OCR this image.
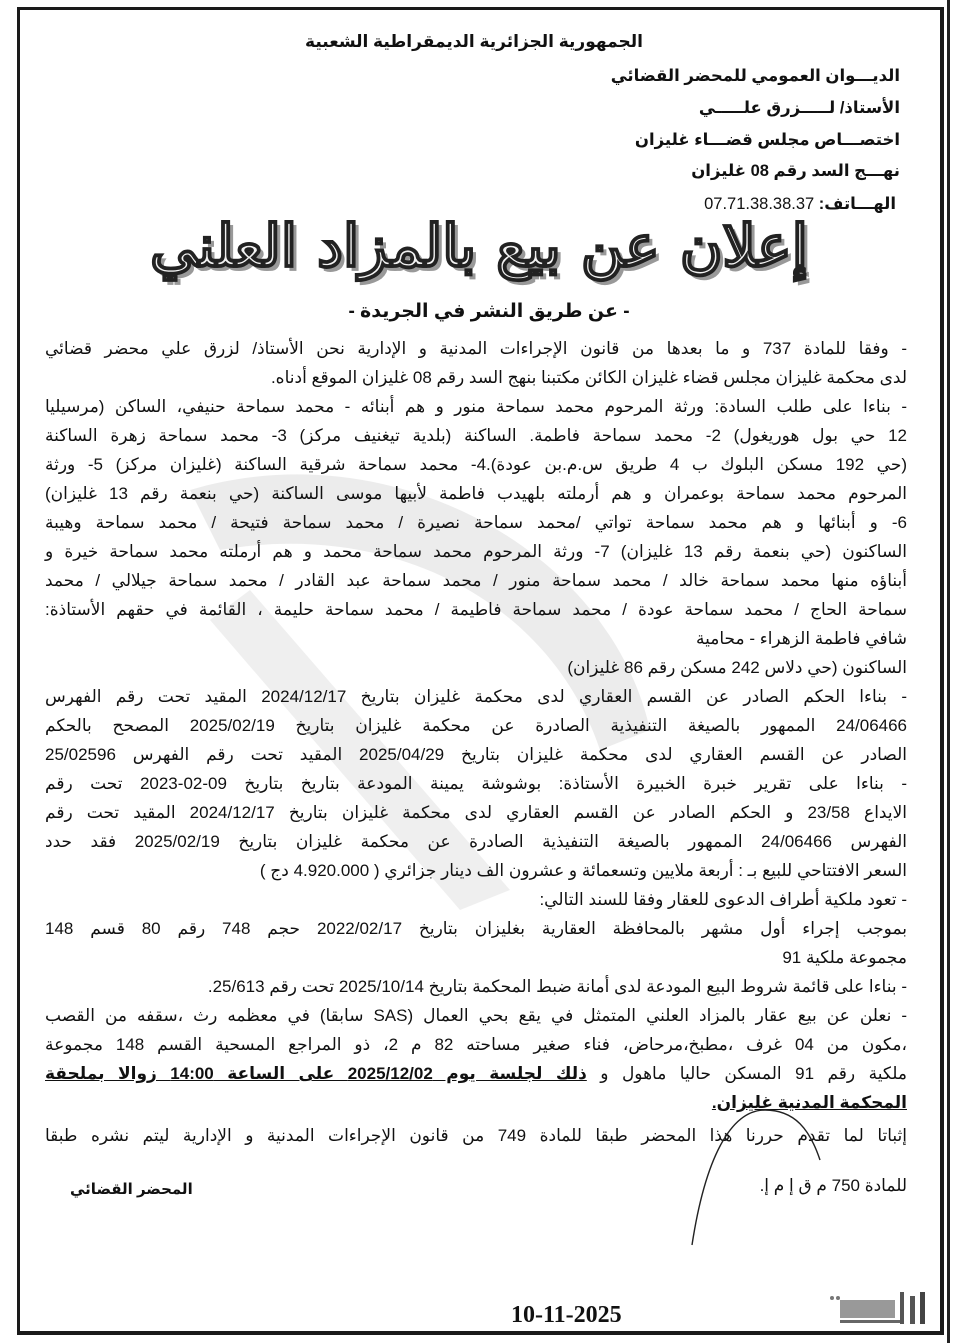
الجمهورية الجزائرية الديمقراطية الشعبية
الديـــوان العمومي للمحضر القضائي
الأستاذ/ لـــــزرق علـــــي
اختصـــاص مجلس قضـــاء غليزان
نهـــج السد رقم 08 غليزان
الهـــاتف: 07.71.38.38.37
إعلان عن بيع بالمزاد العلني
- عن طريق النشر في الجريدة -
- وفقا للمادة 737 و ما بعدها من قانون الإجراءات المدنية و الإدارية نحن الأستاذ/ لزرق علي محضر قضائي
لدى محكمة غليزان مجلس قضاء غليزان الكائن مكتبنا بنهج السد رقم 08 غليزان الموقع أدناه.
- بناءا على طلب السادة: ورثة المرحوم محمد سماحة منور و هم أبنائه - محمد سماحة حنيفي، الساكن (مرسيليا
12 حي بول هوريغول) 2- محمد سماحة فاطمة. الساكنة (بلدية تيغنيف مركز) 3- محمد سماحة زهرة الساكنة
(حي 192 مسكن البلوك ب 4 طريق س.م.بن عودة).4- محمد سماحة شرقية الساكنة (غليزان مركز) 5- ورثة
المرحوم محمد سماحة بوعمران و هم أرملته بلهيدب فاطمة لأبيها موسى الساكنة (حي بنعمة رقم 13 غليزان)
6- و أبنائها و هم محمد سماحة تواتي /محمد سماحة نصيرة / محمد سماحة فتيحة / محمد سماحة وهيبة
الساكنون (حي بنعمة رقم 13 غليزان) 7- ورثة المرحوم محمد سماحة محمد و هم أرملته محمد سماحة خيرة و
أبناؤه منها محمد سماحة خالد / محمد سماحة منور / محمد سماحة عبد القادر / محمد سماحة جيلالي / محمد
سماحة الحاج / محمد سماحة عودة / محمد سماحة فاطيمة / محمد سماحة حليمة ، القائمة في حقهم الأستاذة:
شافي فاطمة الزهراء - محامية
الساكنون (حي دلاس 242 مسكن رقم 86 غليزان)
- بناءا الحكم الصادر عن القسم العقاري لدى محكمة غليزان بتاريخ 2024/12/17 المقيد تحت رقم الفهرس
24/06466 الممهور بالصيغة التنفيذية الصادرة عن محكمة غليزان بتاريخ 2025/02/19 المصحح بالحكم
الصادر عن القسم العقاري لدى محكمة غليزان بتاريخ 2025/04/29 المقيد تحت رقم الفهرس 25/02596
- بناءا على تقرير خبرة الخبيرة الأستاذة: بوشوشة يمينة المودعة بتاريخ بتاريخ 09-02-2023 تحت رقم
الايداع 23/58 و الحكم الصادر عن القسم العقاري لدى محكمة غليزان بتاريخ 2024/12/17 المقيد تحت رقم
الفهرس 24/06466 الممهور بالصيغة التنفيذية الصادرة عن محكمة غليزان بتاريخ 2025/02/19 فقد حدد
السعر الافتتاحي للبيع بـ : أربعة ملايين وتسعمائة و عشرون الف دينار جزائري ( 4.920.000 دج )
- تعود ملكية أطراف الدعوى للعقار وفقا للسند التالي:
بموجب إجراء أول مشهر بالمحافظة العقارية بغليزان بتاريخ 2022/02/17 حجم 748 رقم 80 قسم 148
مجموعة ملكية 91
- بناءا على قائمة شروط البيع المودعة لدى أمانة ضبط المحكمة بتاريخ 2025/10/14 تحت رقم 25/613.
- نعلن عن بيع عقار بالمزاد العلني المتمثل في يقع بحي العمال (SAS سابقا) في معظمه رث ،سقفه من القصب
،مكون من 04 غرف ،مطبخ،مرحاض، فناء صغير مساحته 82 م 2، ذو المراجع المسحية القسم 148 مجموعة
ملكية رقم 91 المسكن حاليا ماهول و ذلك لجلسة يوم 2025/12/02 على الساعة 14:00 زوالا بملحقة
المحكمة المدنية غليزان.
إثباتا لما تقدم حررنا هذا المحضر طبقا للمادة 749 من قانون الإجراءات المدنية و الإدارية ليتم نشره طبقا
للمادة 750 م ق إ م إ.
المحضر القضائي
10-11-2025
